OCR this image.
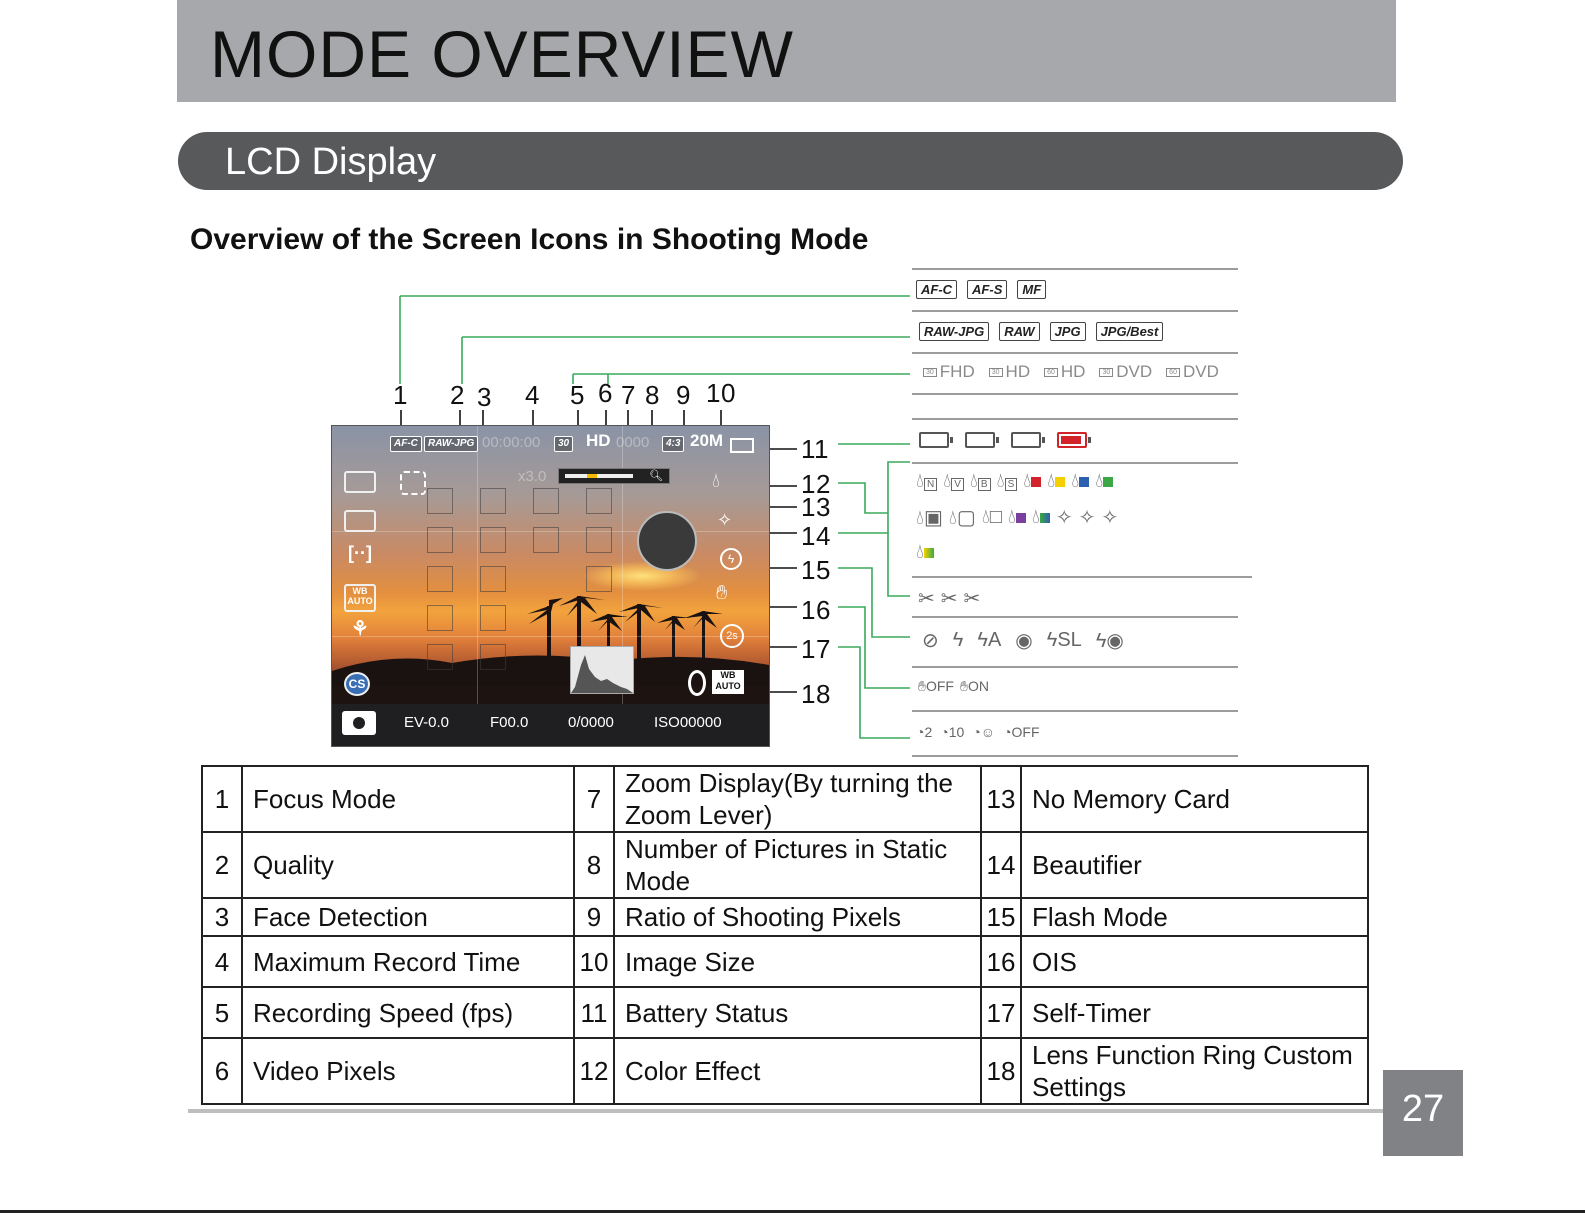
MODE OVERVIEW
LCD Display
Overview of the Screen Icons in Shooting Mode
1 2 3 4 5 6 7 8 9 10
11
12
13
14
15
16
17
18
AF-C	RAW-JPG 00:00:00	30 HD 0000	4:3 20M
x3.0	🔍︎
[··]
WB AUTO
⚘
CS
💧︎
✧
ϟ
✋︎
2s
WB AUTO
EV-0.0	F00.0	0/0000	ISO00000
AF-C	AF-S	MF
RAW-JPG	RAW	JPG	JPG/Best
30 FHD	30 HD	60 HD	30 DVD	60 DVD
💧︎ N 💧︎ V 💧︎ B 💧︎ S 💧︎ 💧︎ 💧︎ 💧︎
💧︎▣ 💧︎▢ 💧︎□ 💧︎ 💧︎ ✧ ✧ ✧
💧︎
✂︎ ✂︎ ✂︎
⊘ ϟ ϟA ◉ ϟSL ϟ◉
✋︎OFF ✋︎ON
◔2 ◔10 ◔☺ ◔OFF
1	Focus Mode	7	Zoom Display(By turning the Zoom Lever)	13	No Memory Card
2	Quality	8	Number of Pictures in Static Mode	14	Beautifier
3	Face Detection	9	Ratio of Shooting Pixels	15	Flash Mode
4	Maximum Record Time	10	Image Size	16	OIS
5	Recording Speed (fps)	11	Battery Status	17	Self-Timer
6	Video Pixels	12	Color Effect	18	Lens Function Ring Custom Settings
27
